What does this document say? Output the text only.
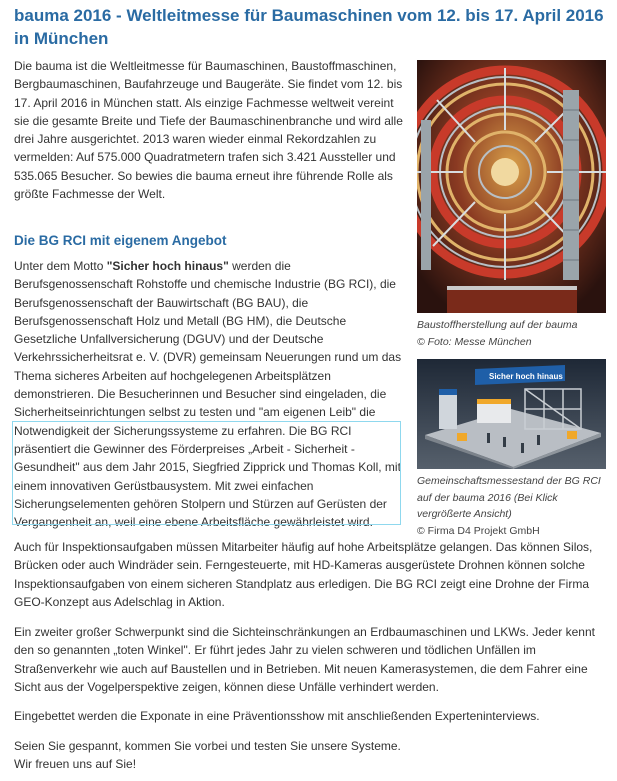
bauma 2016 - Weltleitmesse für Baumaschinen vom 12. bis 17. April 2016 in München

Die bauma ist die Weltleitmesse für Baumaschinen, Baustoffmaschinen, Bergbaumaschinen, Baufahrzeuge und Baugeräte. Sie findet vom 12. bis 17. April 2016 in München statt. Als einzige Fachmesse weltweit vereint sie die gesamte Breite und Tiefe der Baumaschinenbranche und wird alle drei Jahre ausgerichtet. 2013 waren wieder einmal Rekordzahlen zu vermelden: Auf 575.000 Quadratmetern trafen sich 3.421 Aussteller und 535.065 Besucher. So bewies die bauma erneut ihre führende Rolle als größte Fachmesse der Welt.

Die BG RCI mit eigenem Angebot

Unter dem Motto "Sicher hoch hinaus" werden die Berufsgenossenschaft Rohstoffe und chemische Industrie (BG RCI), die Berufsgenossenschaft der Bauwirtschaft (BG BAU), die Berufsgenossenschaft Holz und Metall (BG HM), die Deutsche Gesetzliche Unfallversicherung (DGUV) und der Deutsche Verkehrssicherheitsrat e. V. (DVR) gemeinsam Neuerungen rund um das Thema sicheres Arbeiten auf hochgelegenen Arbeitsplätzen demonstrieren. Die Besucherinnen und Besucher sind eingeladen, die Sicherheitseinrichtungen selbst zu testen und "am eigenen Leib" die Notwendigkeit der Sicherungssysteme zu erfahren. Die BG RCI präsentiert die Gewinner des Förderpreises „Arbeit - Sicherheit - Gesundheit" aus dem Jahr 2015, Siegfried Zipprick und Thomas Koll, mit einem innovativen Gerüstbausystem. Mit zwei einfachen Sicherungselementen gehören Stolpern und Stürzen auf Gerüsten der Vergangenheit an, weil eine ebene Arbeitsfläche gewährleistet wird.

Auch für Inspektionsaufgaben müssen Mitarbeiter häufig auf hohe Arbeitsplätze gelangen. Das können Silos, Brücken oder auch Windräder sein. Ferngesteuerte, mit HD-Kameras ausgerüstete Drohnen können solche Inspektionsaufgaben von einem sicheren Standplatz aus erledigen. Die BG RCI zeigt eine Drohne der Firma GEO-Konzept aus Adelschlag in Aktion.

Ein zweiter großer Schwerpunkt sind die Sichteinschränkungen an Erdbaumaschinen und LKWs. Jeder kennt den so genannten „toten Winkel". Er führt jedes Jahr zu vielen schweren und tödlichen Unfällen im Straßenverkehr wie auch auf Baustellen und in Betrieben. Mit neuen Kamerasystemen, die dem Fahrer eine Sicht aus der Vogelperspektive zeigen, können diese Unfälle verhindert werden.

Eingebettet werden die Exponate in eine Präventionsshow mit anschließenden Experteninterviews.

Seien Sie gespannt, kommen Sie vorbei und testen Sie unsere Systeme.
Wir freuen uns auf Sie!

Baustoffherstellung auf der bauma
© Foto: Messe München

Sicher hoch hinaus

Gemeinschaftsmessestand der BG RCI auf der bauma 2016 (Bei Klick vergrößerte Ansicht)
© Firma D4 Projekt GmbH
